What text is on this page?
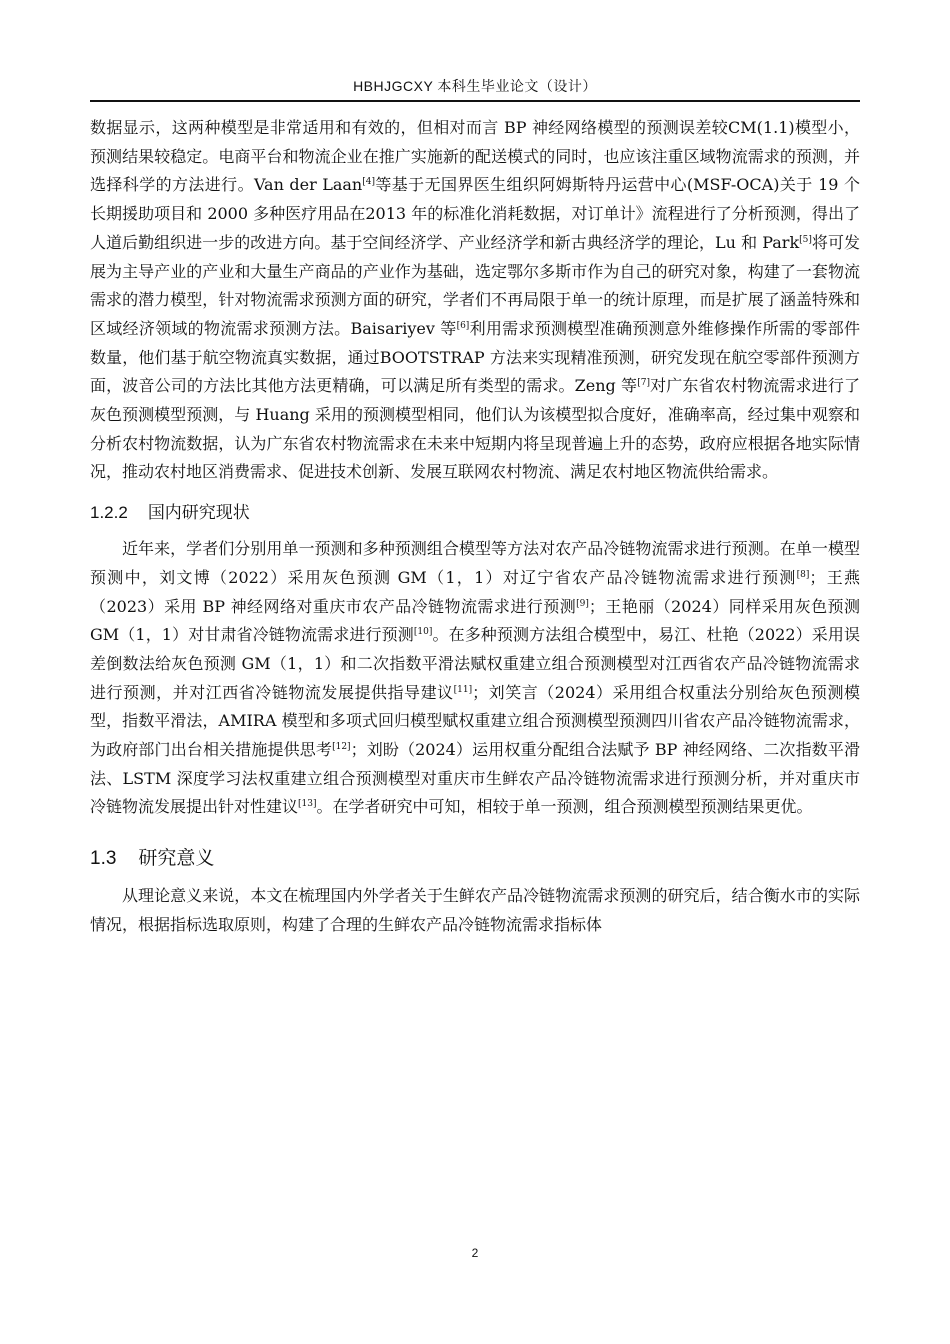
HBHJGCXY 本科生毕业论文（设计）

数据显示，这两种模型是非常适用和有效的，但相对而言 BP 神经网络模型的预测误差较CM(1.1)模型小，预测结果较稳定。电商平台和物流企业在推广实施新的配送模式的同时，也应该注重区域物流需求的预测，并选择科学的方法进行。Van der Laan[4]等基于无国界医生组织阿姆斯特丹运营中心(MSF-OCA)关于 19 个长期援助项目和 2000 多种医疗用品在2013 年的标准化消耗数据，对订单计》流程进行了分析预测，得出了人道后勤组织进一步的改进方向。基于空间经济学、产业经济学和新古典经济学的理论，Lu 和 Park[5]将可发展为主导产业的产业和大量生产商品的产业作为基础，选定鄂尔多斯市作为自己的研究对象，构建了一套物流需求的潜力模型，针对物流需求预测方面的研究，学者们不再局限于单一的统计原理，而是扩展了涵盖特殊和区域经济领域的物流需求预测方法。Baisariyev 等[6]利用需求预测模型准确预测意外维修操作所需的零部件数量，他们基于航空物流真实数据，通过BOOTSTRAP 方法来实现精准预测，研究发现在航空零部件预测方面，波音公司的方法比其他方法更精确，可以满足所有类型的需求。Zeng 等[7]对广东省农村物流需求进行了灰色预测模型预测，与 Huang 采用的预测模型相同，他们认为该模型拟合度好，准确率高，经过集中观察和分析农村物流数据，认为广东省农村物流需求在未来中短期内将呈现普遍上升的态势，政府应根据各地实际情况，推动农村地区消费需求、促进技术创新、发展互联网农村物流、满足农村地区物流供给需求。

1.2.2 国内研究现状

近年来，学者们分别用单一预测和多种预测组合模型等方法对农产品冷链物流需求进行预测。在单一模型预测中，刘文博（2022）采用灰色预测 GM（1，1）对辽宁省农产品冷链物流需求进行预测[8]；王燕（2023）采用 BP 神经网络对重庆市农产品冷链物流需求进行预测[9]；王艳丽（2024）同样采用灰色预测 GM（1，1）对甘肃省冷链物流需求进行预测[10]。在多种预测方法组合模型中，易江、杜艳（2022）采用误差倒数法给灰色预测 GM（1，1）和二次指数平滑法赋权重建立组合预测模型对江西省农产品冷链物流需求进行预测，并对江西省冷链物流发展提供指导建议[11]；刘笑言（2024）采用组合权重法分别给灰色预测模型，指数平滑法，AMIRA 模型和多项式回归模型赋权重建立组合预测模型预测四川省农产品冷链物流需求，为政府部门出台相关措施提供思考[12]；刘盼（2024）运用权重分配组合法赋予 BP 神经网络、二次指数平滑法、LSTM 深度学习法权重建立组合预测模型对重庆市生鲜农产品冷链物流需求进行预测分析，并对重庆市冷链物流发展提出针对性建议[13]。在学者研究中可知，相较于单一预测，组合预测模型预测结果更优。

1.3 研究意义

从理论意义来说，本文在梳理国内外学者关于生鲜农产品冷链物流需求预测的研究后，结合衡水市的实际情况，根据指标选取原则，构建了合理的生鲜农产品冷链物流需求指标体

2
